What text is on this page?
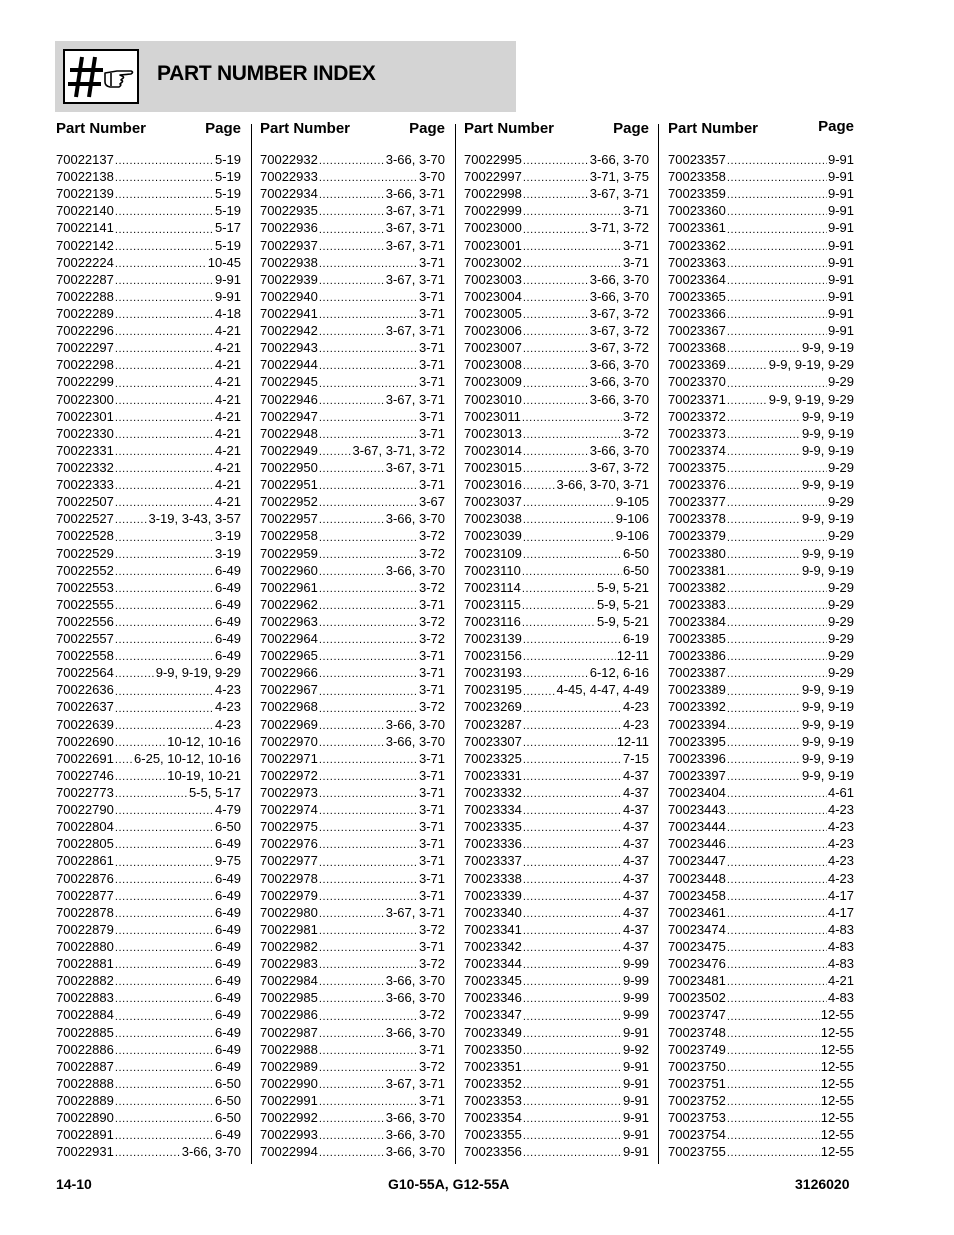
PART NUMBER INDEX
Part Number	Page
70022137 .....	5-19
70022138 .....	5-19
70022139 .....	5-19
70022140 .....	5-19
70022141 .....	5-17
70022142 .....	5-19
70022224 .....	10-45
70022287 .....	9-91
70022288 .....	9-91
70022289 .....	4-18
70022296 .....	4-21
70022297 .....	4-21
70022298 .....	4-21
70022299 .....	4-21
70022300 .....	4-21
70022301 .....	4-21
70022330 .....	4-21
70022331 .....	4-21
70022332 .....	4-21
70022333 .....	4-21
70022507 .....	4-21
70022527 .....	3-19, 3-43, 3-57
70022528 .....	3-19
70022529 .....	3-19
70022552 .....	6-49
70022553 .....	6-49
70022555 .....	6-49
70022556 .....	6-49
70022557 .....	6-49
70022558 .....	6-49
70022564 .....	9-9, 9-19, 9-29
70022636 .....	4-23
70022637 .....	4-23
70022639 .....	4-23
70022690 .....	10-12, 10-16
70022691 ..... 6-25, 10-12, 10-16
70022746 .....	10-19, 10-21
70022773 .....	5-5, 5-17
70022790 .....	4-79
70022804 .....	6-50
70022805 .....	6-49
70022861 .....	9-75
70022876 .....	6-49
70022877 .....	6-49
70022878 .....	6-49
70022879 .....	6-49
70022880 .....	6-49
70022881 .....	6-49
70022882 .....	6-49
70022883 .....	6-49
70022884 .....	6-49
70022885 .....	6-49
70022886 .....	6-49
70022887 .....	6-49
70022888 .....	6-50
70022889 .....	6-50
70022890 .....	6-50
70022891 .....	6-49
70022931 .....	3-66, 3-70
Part Number	Page
70022932 .....	3-66, 3-70
70022933 .....	3-70
70022934 .....	3-66, 3-71
70022935 .....	3-67, 3-71
70022936 .....	3-67, 3-71
70022937 .....	3-67, 3-71
70022938 .....	3-71
70022939 .....	3-67, 3-71
70022940 .....	3-71
70022941 .....	3-71
70022942 .....	3-67, 3-71
70022943 .....	3-71
70022944 .....	3-71
70022945 .....	3-71
70022946 .....	3-67, 3-71
70022947 .....	3-71
70022948 .....	3-71
70022949 .....	3-67, 3-71, 3-72
70022950 .....	3-67, 3-71
70022951 .....	3-71
70022952 .....	3-67
70022957 .....	3-66, 3-70
70022958 .....	3-72
70022959 .....	3-72
70022960 .....	3-66, 3-70
70022961 .....	3-72
70022962 .....	3-71
70022963 .....	3-72
70022964 .....	3-72
70022965 .....	3-71
70022966 .....	3-71
70022967 .....	3-71
70022968 .....	3-72
70022969 .....	3-66, 3-70
70022970 .....	3-66, 3-70
70022971 .....	3-71
70022972 .....	3-71
70022973 .....	3-71
70022974 .....	3-71
70022975 .....	3-71
70022976 .....	3-71
70022977 .....	3-71
70022978 .....	3-71
70022979 .....	3-71
70022980 .....	3-67, 3-71
70022981 .....	3-72
70022982 .....	3-71
70022983 .....	3-72
70022984 .....	3-66, 3-70
70022985 .....	3-66, 3-70
70022986 .....	3-72
70022987 .....	3-66, 3-70
70022988 .....	3-71
70022989 .....	3-72
70022990 .....	3-67, 3-71
70022991 .....	3-71
70022992 .....	3-66, 3-70
70022993 .....	3-66, 3-70
70022994 .....	3-66, 3-70
Part Number	Page
70022995 .....	3-66, 3-70
70022997 .....	3-71, 3-75
70022998 .....	3-67, 3-71
70022999 .....	3-71
70023000 .....	3-71, 3-72
70023001 .....	3-71
70023002 .....	3-71
70023003 .....	3-66, 3-70
70023004 .....	3-66, 3-70
70023005 .....	3-67, 3-72
70023006 .....	3-67, 3-72
70023007 .....	3-67, 3-72
70023008 .....	3-66, 3-70
70023009 .....	3-66, 3-70
70023010 .....	3-66, 3-70
70023011 .....	3-72
70023013 .....	3-72
70023014 .....	3-66, 3-70
70023015 .....	3-67, 3-72
70023016 .....	3-66, 3-70, 3-71
70023037 .....	9-105
70023038 .....	9-106
70023039 .....	9-106
70023109 .....	6-50
70023110 .....	6-50
70023114 .....	5-9, 5-21
70023115 .....	5-9, 5-21
70023116 .....	5-9, 5-21
70023139 .....	6-19
70023156 .....	12-11
70023193 .....	6-12, 6-16
70023195 .....	4-45, 4-47, 4-49
70023269 .....	4-23
70023287 .....	4-23
70023307 .....	12-11
70023325 .....	7-15
70023331 .....	4-37
70023332 .....	4-37
70023334 .....	4-37
70023335 .....	4-37
70023336 .....	4-37
70023337 .....	4-37
70023338 .....	4-37
70023339 .....	4-37
70023340 .....	4-37
70023341 .....	4-37
70023342 .....	4-37
70023344 .....	9-99
70023345 .....	9-99
70023346 .....	9-99
70023347 .....	9-99
70023349 .....	9-91
70023350 .....	9-92
70023351 .....	9-91
70023352 .....	9-91
70023353 .....	9-91
70023354 .....	9-91
70023355 .....	9-91
70023356 .....	9-91
Part Number	Page
70023357 .....	9-91
70023358 .....	9-91
70023359 .....	9-91
70023360 .....	9-91
70023361 .....	9-91
70023362 .....	9-91
70023363 .....	9-91
70023364 .....	9-91
70023365 .....	9-91
70023366 .....	9-91
70023367 .....	9-91
70023368 .....	9-9, 9-19
70023369 .....	9-9, 9-19, 9-29
70023370 .....	9-29
70023371 .....	9-9, 9-19, 9-29
70023372 .....	9-9, 9-19
70023373 .....	9-9, 9-19
70023374 .....	9-9, 9-19
70023375 .....	9-29
70023376 .....	9-9, 9-19
70023377 .....	9-29
70023378 .....	9-9, 9-19
70023379 .....	9-29
70023380 .....	9-9, 9-19
70023381 .....	9-9, 9-19
70023382 .....	9-29
70023383 .....	9-29
70023384 .....	9-29
70023385 .....	9-29
70023386 .....	9-29
70023387 .....	9-29
70023389 .....	9-9, 9-19
70023392 .....	9-9, 9-19
70023394 .....	9-9, 9-19
70023395 .....	9-9, 9-19
70023396 .....	9-9, 9-19
70023397 .....	9-9, 9-19
70023404 .....	4-61
70023443 .....	4-23
70023444 .....	4-23
70023446 .....	4-23
70023447 .....	4-23
70023448 .....	4-23
70023458 .....	4-17
70023461 .....	4-17
70023474 .....	4-83
70023475 .....	4-83
70023476 .....	4-83
70023481 .....	4-21
70023502 .....	4-83
70023747 .....	12-55
70023748 .....	12-55
70023749 .....	12-55
70023750 .....	12-55
70023751 .....	12-55
70023752 .....	12-55
70023753 .....	12-55
70023754 .....	12-55
70023755 .....	12-55
14-10	G10-55A, G12-55A	3126020
